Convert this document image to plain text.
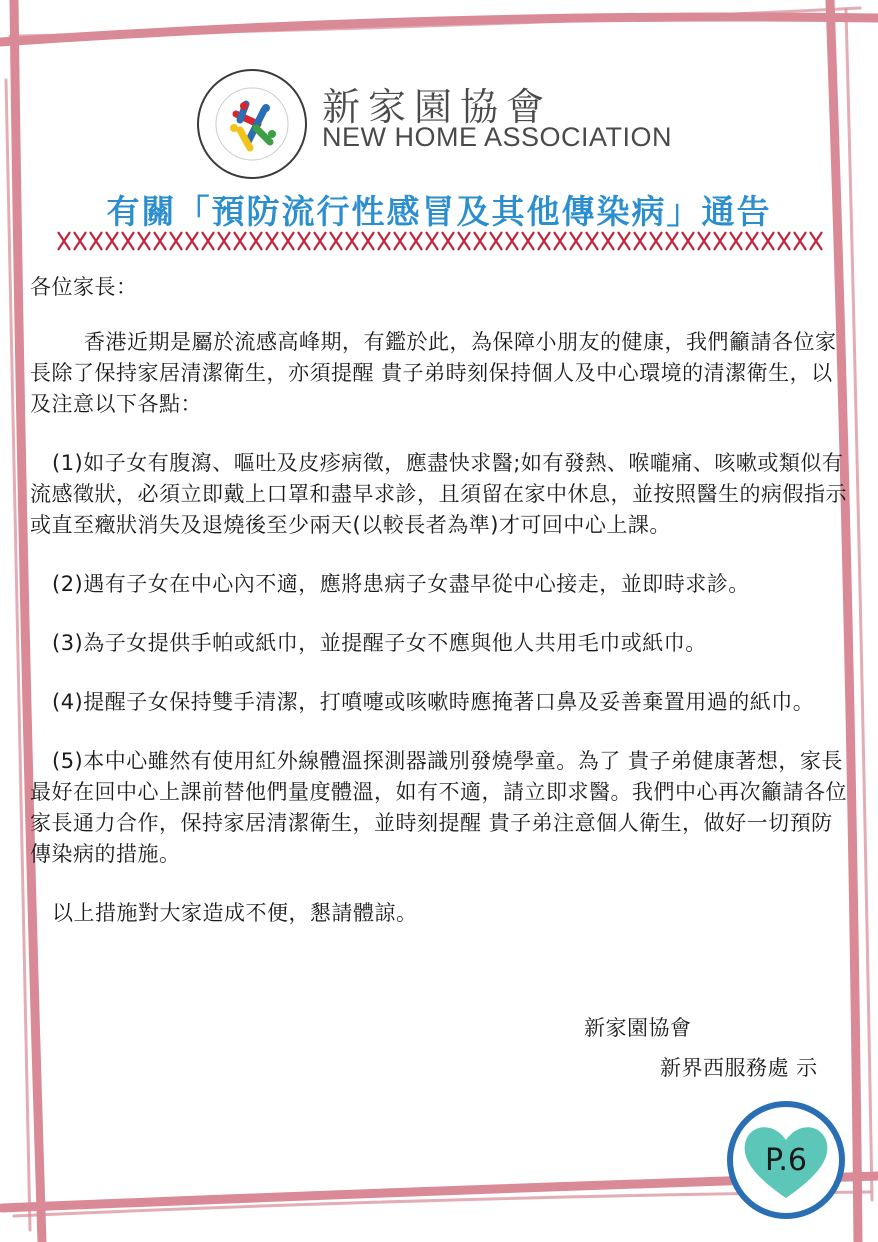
新家園協會
NEW HOME ASSOCIATION
有關「預防流行性感冒及其他傳染病」通告

各位家長：

香港近期是屬於流感高峰期，有鑑於此，為保障小朋友的健康，我們籲請各位家長除了保持家居清潔衛生，亦須提醒 貴子弟時刻保持個人及中心環境的清潔衛生，以及注意以下各點：

(1)如子女有腹瀉、嘔吐及皮疹病徵，應盡快求醫;如有發熱、喉嚨痛、咳嗽或類似有流感徵狀，必須立即戴上口罩和盡早求診，且須留在家中休息，並按照醫生的病假指示或直至癥狀消失及退燒後至少兩天(以較長者為準)才可回中心上課。

(2)遇有子女在中心內不適，應將患病子女盡早從中心接走，並即時求診。

(3)為子女提供手帕或紙巾，並提醒子女不應與他人共用毛巾或紙巾。

(4)提醒子女保持雙手清潔，打噴嚏或咳嗽時應掩著口鼻及妥善棄置用過的紙巾。

(5)本中心雖然有使用紅外線體溫探測器識別發燒學童。為了 貴子弟健康著想，家長最好在回中心上課前替他們量度體溫，如有不適，請立即求醫。我們中心再次籲請各位家長通力合作，保持家居清潔衛生，並時刻提醒 貴子弟注意個人衛生，做好一切預防傳染病的措施。

以上措施對大家造成不便，懇請體諒。

新家園協會
新界西服務處 示
P.6
